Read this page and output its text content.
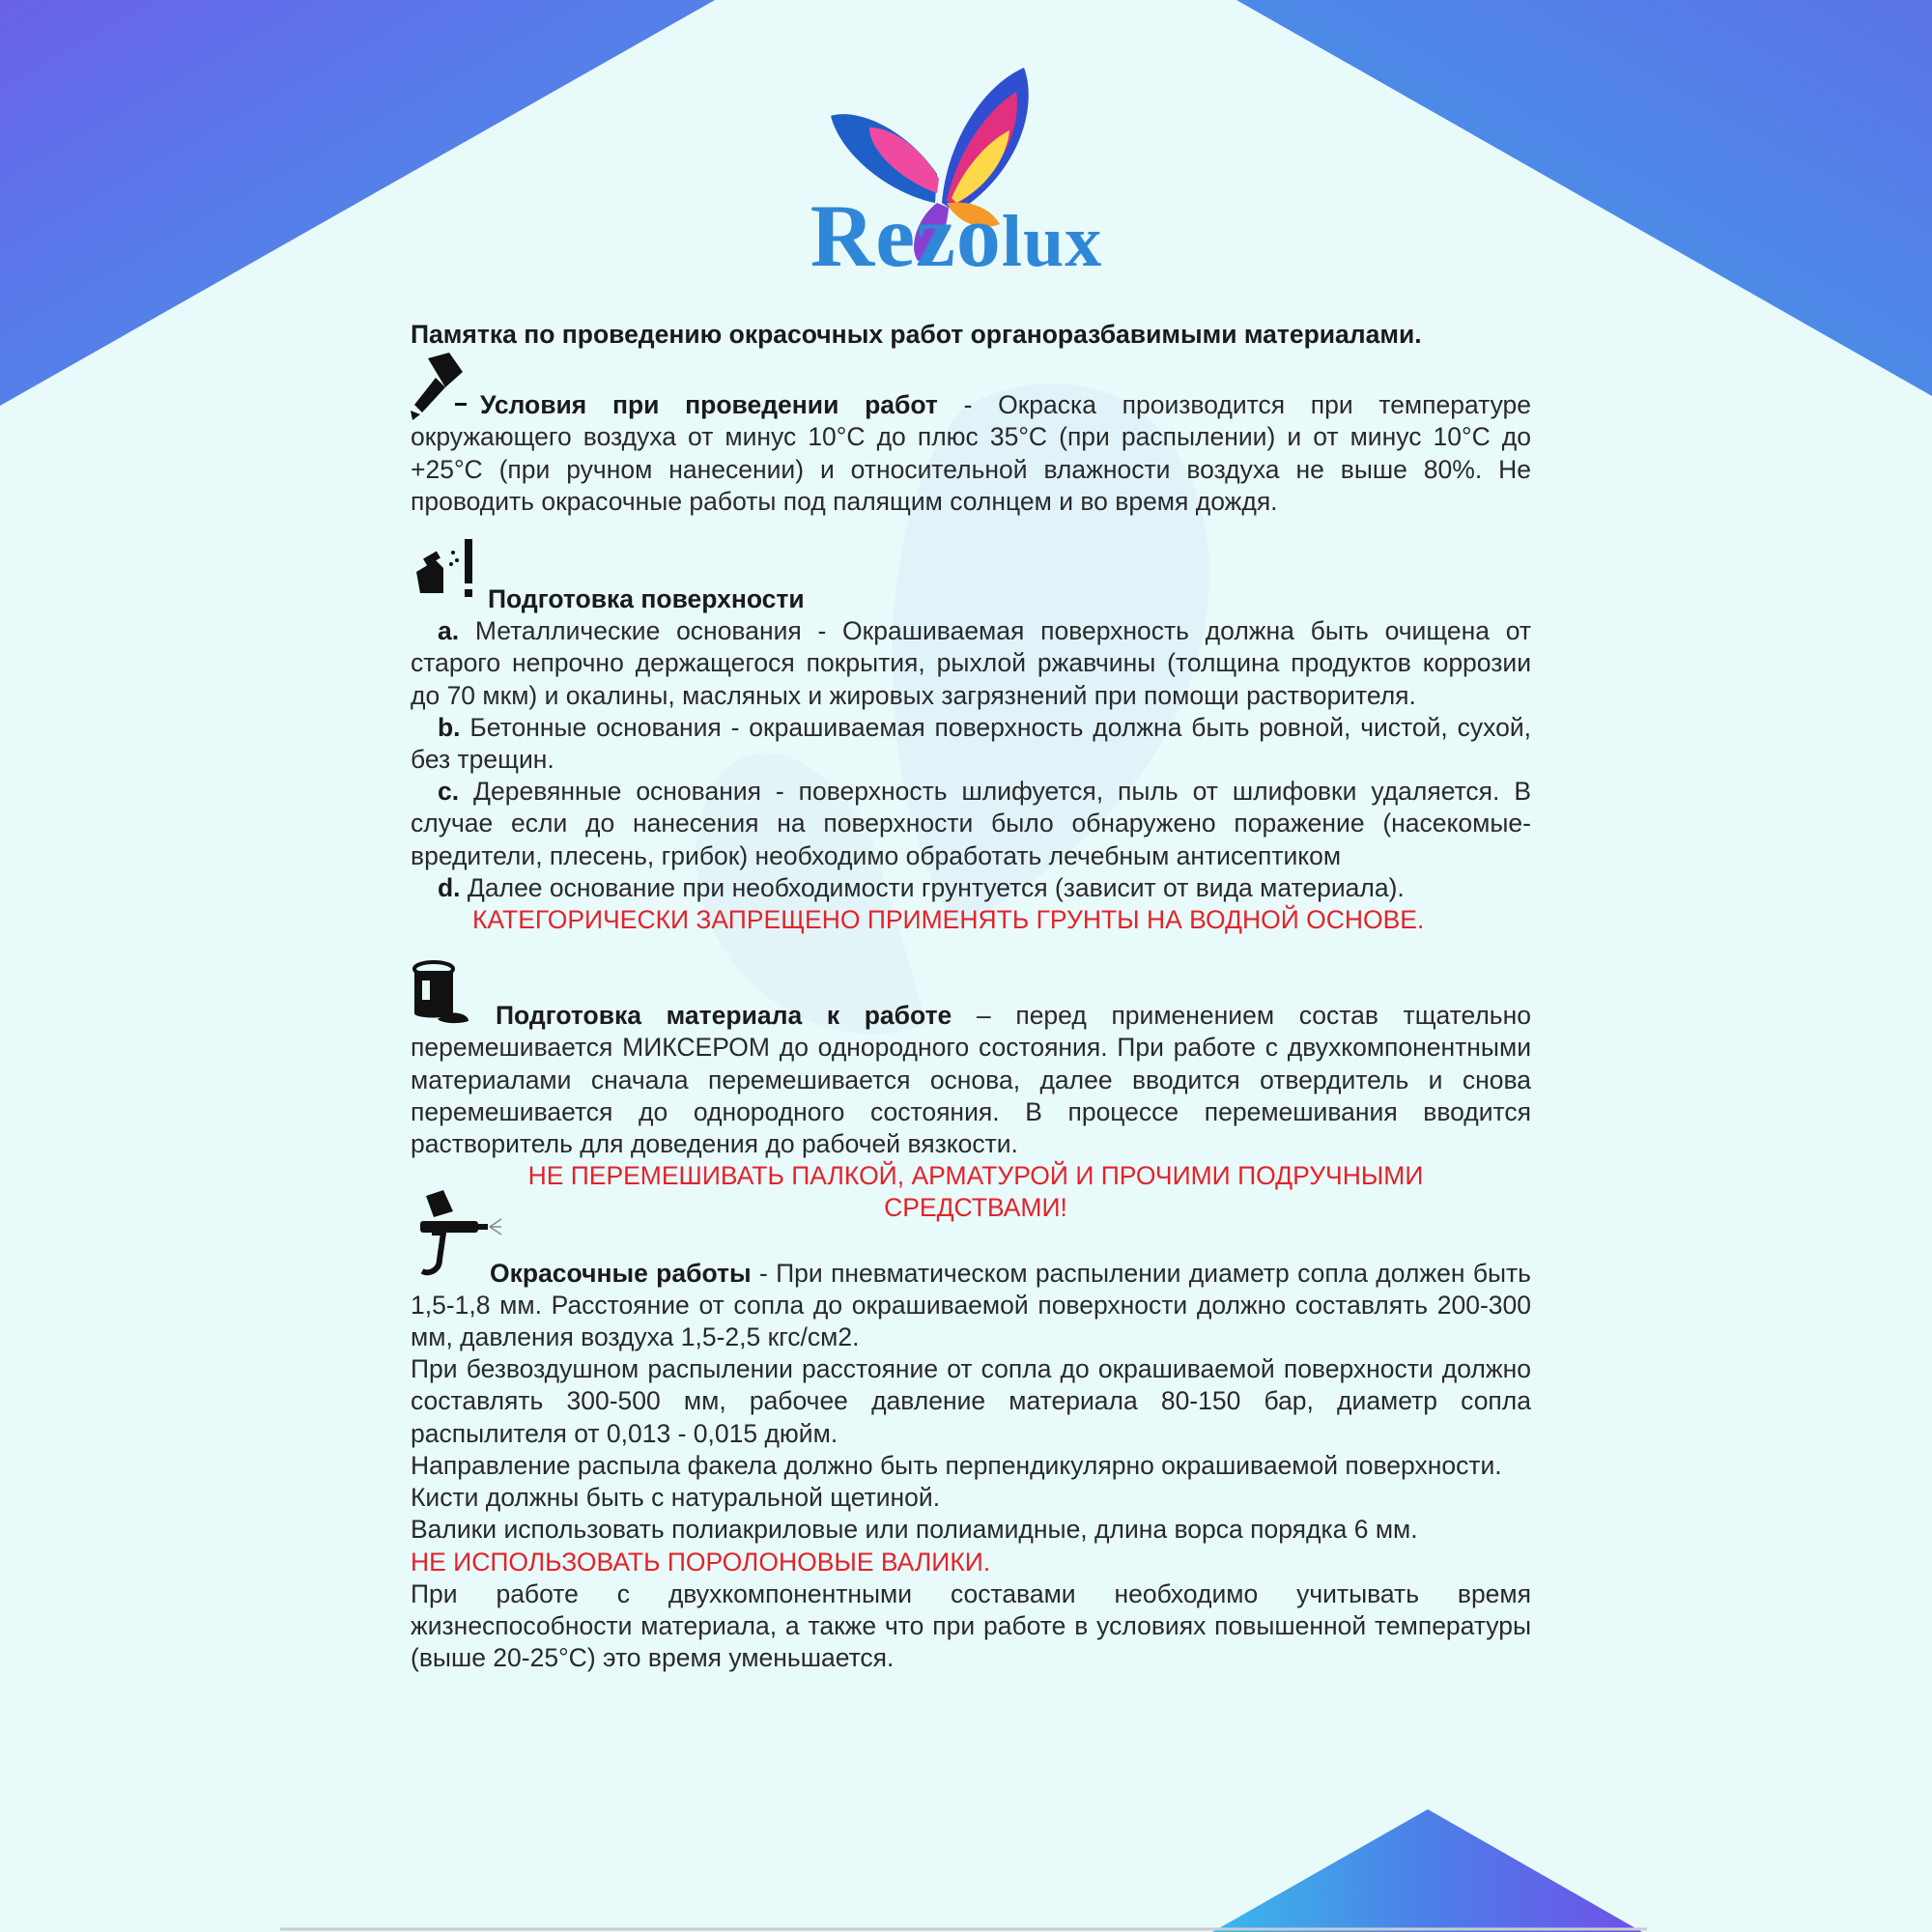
Rezolux
Памятка по проведению окрасочных работ органоразбавимыми материалами.

Условия при проведении работ - Окраска производится при температуре окружающего воздуха от минус 10°С до плюс 35°С (при распылении) и от минус 10°С до +25°С (при ручном нанесении) и относительной влажности воздуха не выше 80%. Не проводить окрасочные работы под палящим солнцем и во время дождя.

Подготовка поверхности

a. Металлические основания - Окрашиваемая поверхность должна быть очищена от старого непрочно держащегося покрытия, рыхлой ржавчины (толщина продуктов коррозии до 70 мкм) и окалины, масляных и жировых загрязнений при помощи растворителя.

b. Бетонные основания - окрашиваемая поверхность должна быть ровной, чистой, сухой, без трещин.

c. Деревянные основания - поверхность шлифуется, пыль от шлифовки удаляется. В случае если до нанесения на поверхности было обнаружено поражение (насекомые-вредители, плесень, грибок) необходимо обработать лечебным антисептиком

d. Далее основание при необходимости грунтуется (зависит от вида материала).

КАТЕГОРИЧЕСКИ ЗАПРЕЩЕНО ПРИМЕНЯТЬ ГРУНТЫ НА ВОДНОЙ ОСНОВЕ.

Подготовка материала к работе – перед применением состав тщательно перемешивается МИКСЕРОМ до однородного состояния. При работе с двухкомпонентными материалами сначала перемешивается основа, далее вводится отвердитель и снова перемешивается до однородного состояния. В процессе перемешивания вводится растворитель для доведения до рабочей вязкости.

НЕ ПЕРЕМЕШИВАТЬ ПАЛКОЙ, АРМАТУРОЙ И ПРОЧИМИ ПОДРУЧНЫМИ

СРЕДСТВАМИ!

Окрасочные работы - При пневматическом распылении диаметр сопла должен быть 1,5-1,8 мм. Расстояние от сопла до окрашиваемой поверхности должно составлять 200-300 мм, давления воздуха 1,5-2,5 кгс/см2.

При безвоздушном распылении расстояние от сопла до окрашиваемой поверхности должно составлять 300-500 мм, рабочее давление материала 80-150 бар, диаметр сопла распылителя от 0,013 - 0,015 дюйм.

Направление распыла факела должно быть перпендикулярно окрашиваемой поверхности.

Кисти должны быть с натуральной щетиной.

Валики использовать полиакриловые или полиамидные, длина ворса порядка 6 мм.

НЕ ИСПОЛЬЗОВАТЬ ПОРОЛОНОВЫЕ ВАЛИКИ.

При работе с двухкомпонентными составами необходимо учитывать время жизнеспособности материала, а также что при работе в условиях повышенной температуры (выше 20-25°С) это время уменьшается.
